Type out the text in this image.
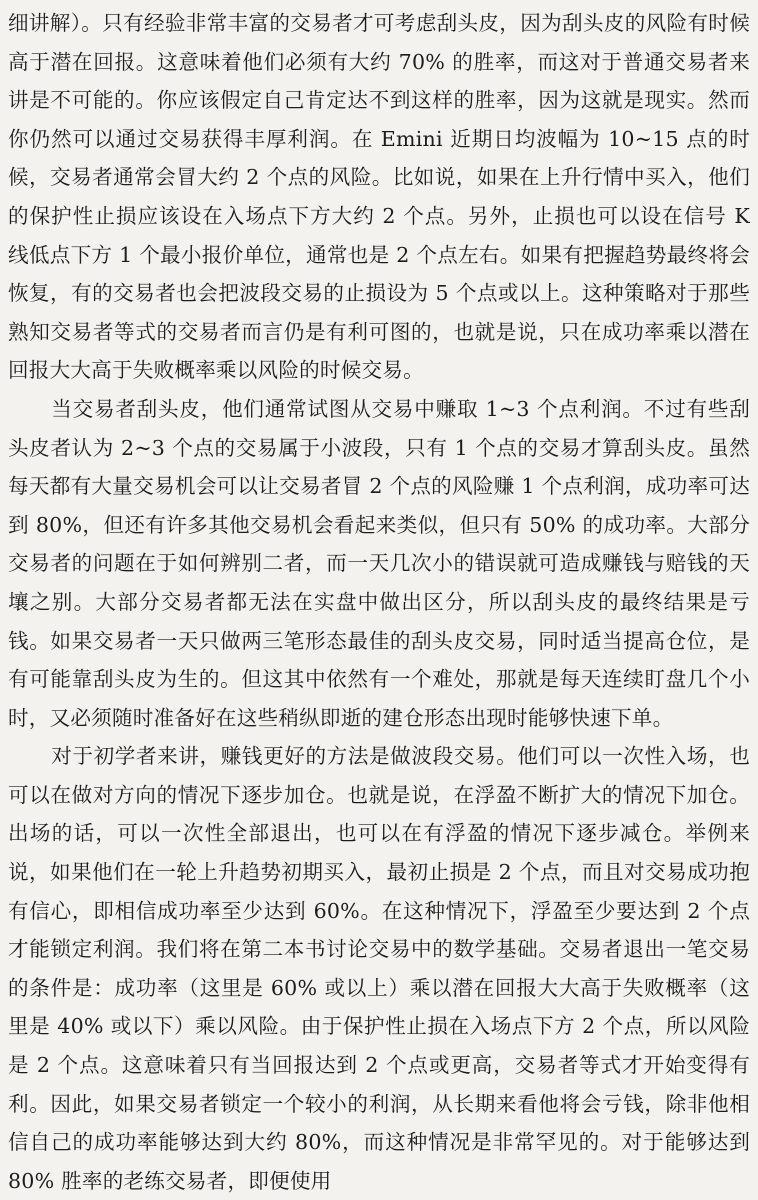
细讲解）。只有经验非常丰富的交易者才可考虑刮头皮，因为刮头皮的风险有时候高于潜在回报。这意味着他们必须有大约 70% 的胜率，而这对于普通交易者来讲是不可能的。你应该假定自己肯定达不到这样的胜率，因为这就是现实。然而你仍然可以通过交易获得丰厚利润。在 Emini 近期日均波幅为 10~15 点的时候，交易者通常会冒大约 2 个点的风险。比如说，如果在上升行情中买入，他们的保护性止损应该设在入场点下方大约 2 个点。另外，止损也可以设在信号 K 线低点下方 1 个最小报价单位，通常也是 2 个点左右。如果有把握趋势最终将会恢复，有的交易者也会把波段交易的止损设为 5 个点或以上。这种策略对于那些熟知交易者等式的交易者而言仍是有利可图的，也就是说，只在成功率乘以潜在回报大大高于失败概率乘以风险的时候交易。

当交易者刮头皮，他们通常试图从交易中赚取 1~3 个点利润。不过有些刮头皮者认为 2~3 个点的交易属于小波段，只有 1 个点的交易才算刮头皮。虽然每天都有大量交易机会可以让交易者冒 2 个点的风险赚 1 个点利润，成功率可达到 80%，但还有许多其他交易机会看起来类似，但只有 50% 的成功率。大部分交易者的问题在于如何辨别二者，而一天几次小的错误就可造成赚钱与赔钱的天壤之别。大部分交易者都无法在实盘中做出区分，所以刮头皮的最终结果是亏钱。如果交易者一天只做两三笔形态最佳的刮头皮交易，同时适当提高仓位，是有可能靠刮头皮为生的。但这其中依然有一个难处，那就是每天连续盯盘几个小时，又必须随时准备好在这些稍纵即逝的建仓形态出现时能够快速下单。

对于初学者来讲，赚钱更好的方法是做波段交易。他们可以一次性入场，也可以在做对方向的情况下逐步加仓。也就是说，在浮盈不断扩大的情况下加仓。出场的话，可以一次性全部退出，也可以在有浮盈的情况下逐步减仓。举例来说，如果他们在一轮上升趋势初期买入，最初止损是 2 个点，而且对交易成功抱有信心，即相信成功率至少达到 60%。在这种情况下，浮盈至少要达到 2 个点才能锁定利润。我们将在第二本书讨论交易中的数学基础。交易者退出一笔交易的条件是：成功率（这里是 60% 或以上）乘以潜在回报大大高于失败概率（这里是 40% 或以下）乘以风险。由于保护性止损在入场点下方 2 个点，所以风险是 2 个点。这意味着只有当回报达到 2 个点或更高，交易者等式才开始变得有利。因此，如果交易者锁定一个较小的利润，从长期来看他将会亏钱，除非他相信自己的成功率能够达到大约 80%，而这种情况是非常罕见的。对于能够达到 80% 胜率的老练交易者，即便使用
